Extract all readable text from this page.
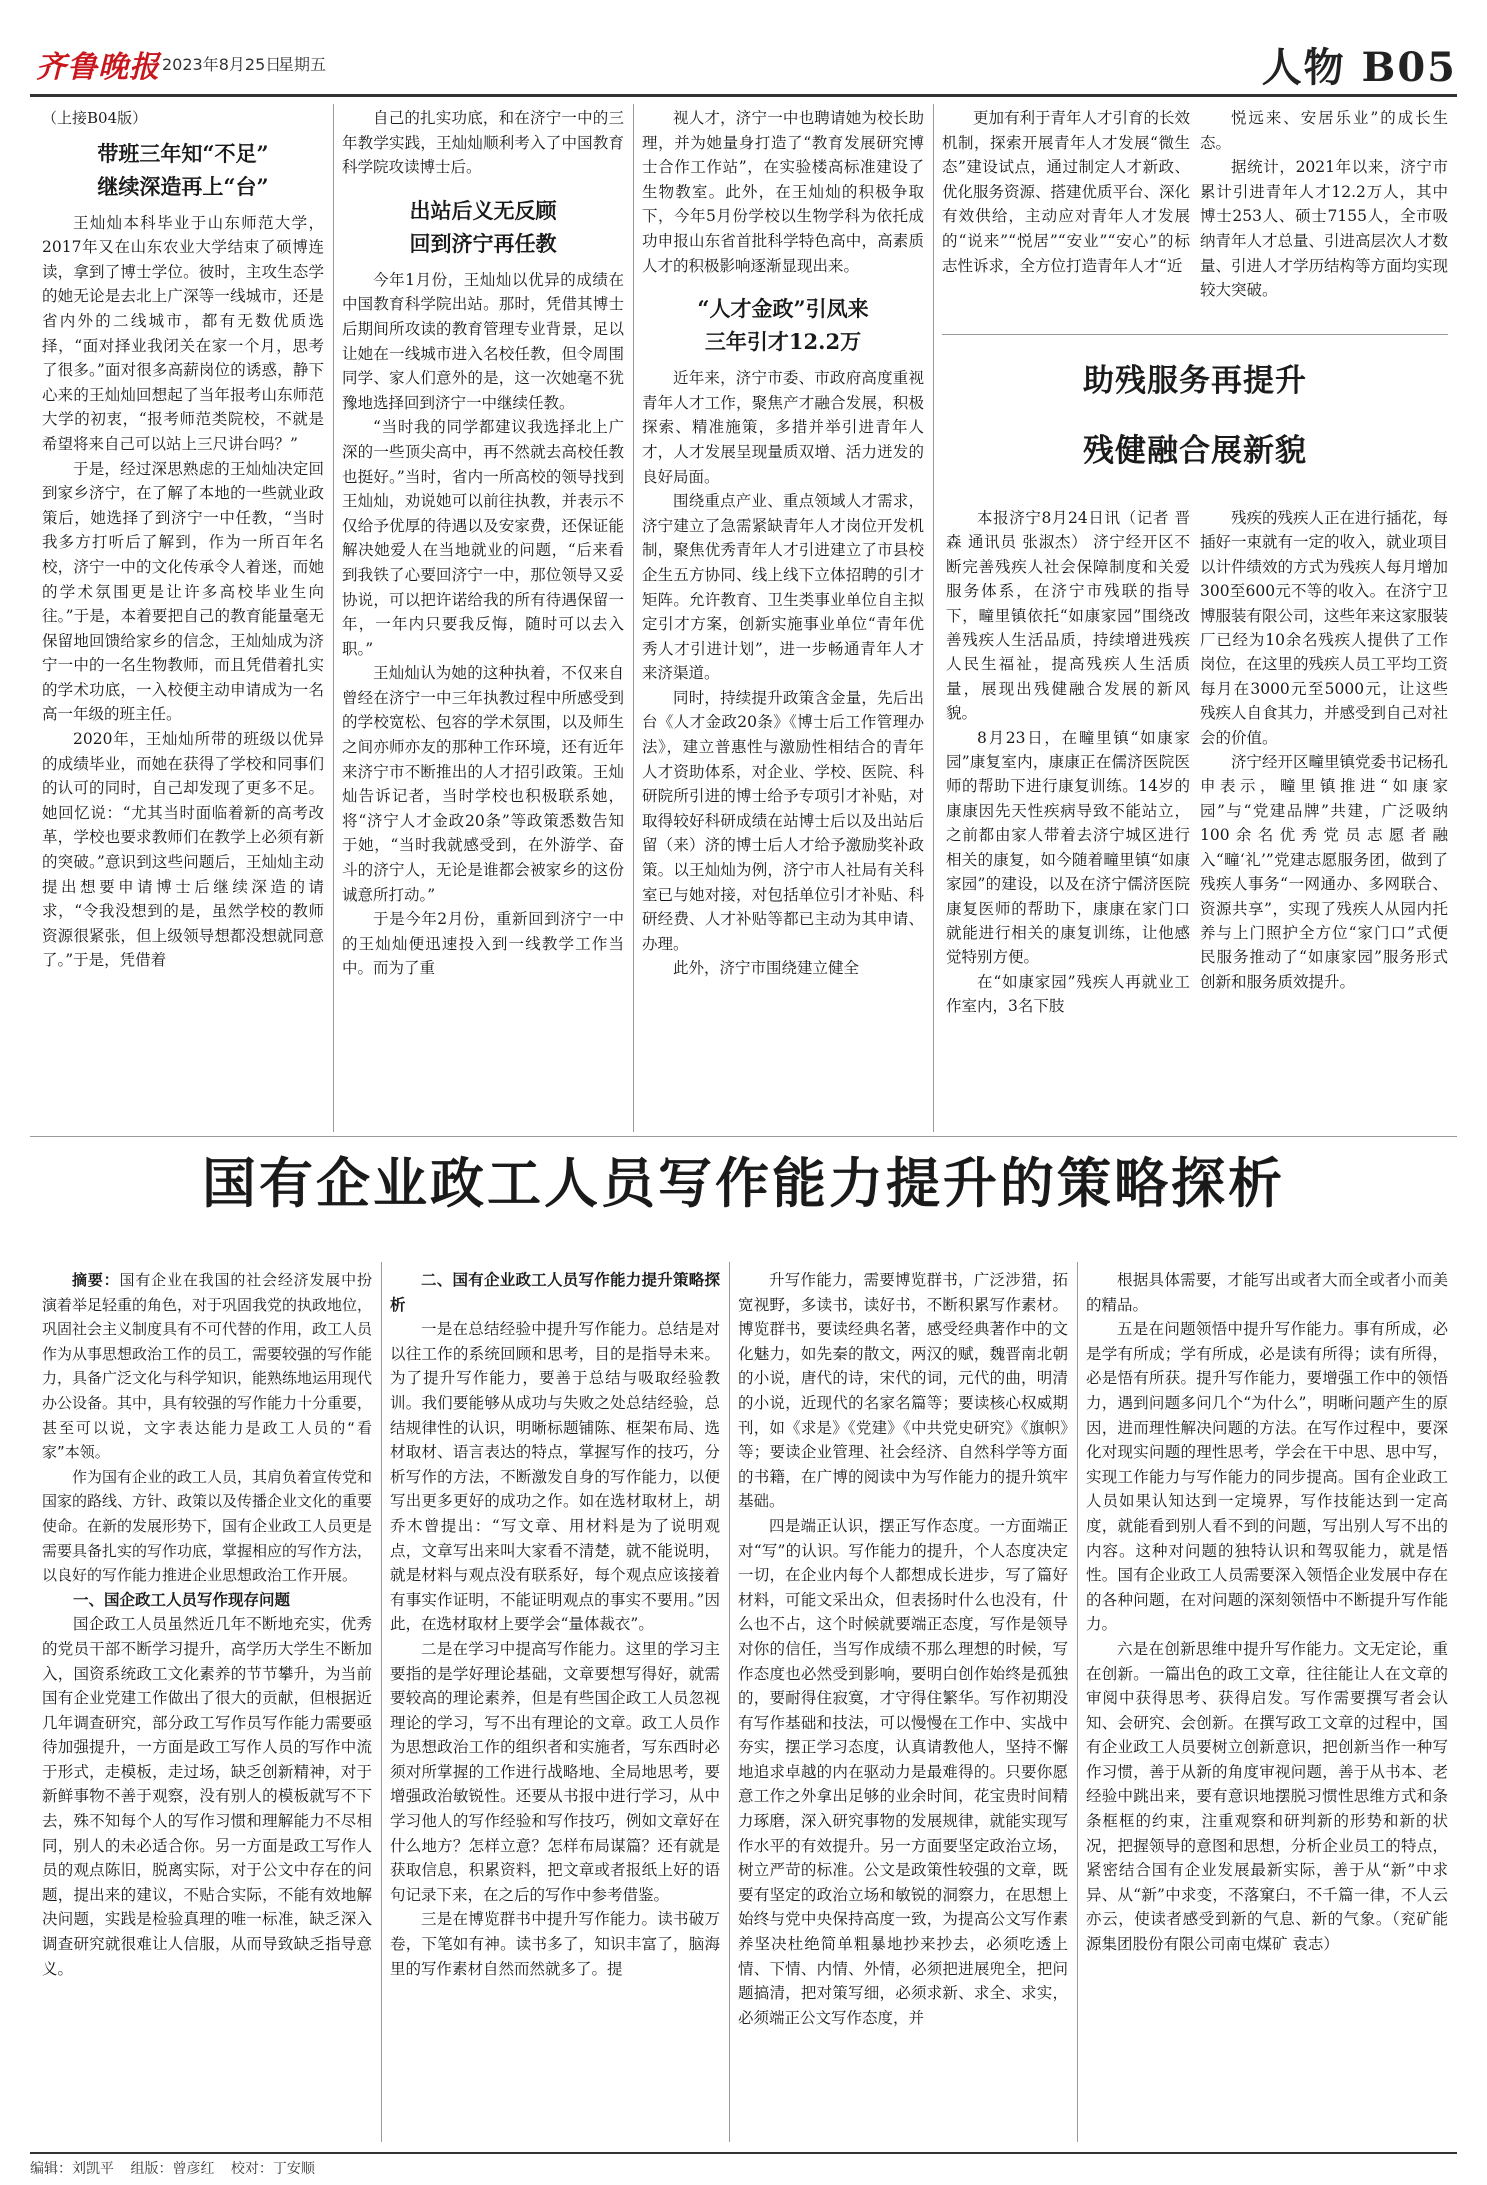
齐鲁晚报 2023年8月25日
星期五	人物 B05
（上接B04版）
带班三年知“不足”
继续深造再上“台”

王灿灿本科毕业于山东师范大学，2017年又在山东农业大学结束了硕博连读，拿到了博士学位。彼时，主攻生态学的她无论是去北上广深等一线城市，还是省内外的二线城市，都有无数优质选择，“面对择业我闭关在家一个月，思考了很多。”面对很多高薪岗位的诱惑，静下心来的王灿灿回想起了当年报考山东师范大学的初衷，“报考师范类院校，不就是希望将来自己可以站上三尺讲台吗？”

于是，经过深思熟虑的王灿灿决定回到家乡济宁，在了解了本地的一些就业政策后，她选择了到济宁一中任教，“当时我多方打听后了解到，作为一所百年名校，济宁一中的文化传承令人着迷，而她的学术氛围更是让许多高校毕业生向往。”于是，本着要把自己的教育能量毫无保留地回馈给家乡的信念，王灿灿成为济宁一中的一名生物教师，而且凭借着扎实的学术功底，一入校便主动申请成为一名高一年级的班主任。

2020年，王灿灿所带的班级以优异的成绩毕业，而她在获得了学校和同事们的认可的同时，自己却发现了更多不足。她回忆说：“尤其当时面临着新的高考改革，学校也要求教师们在教学上必须有新的突破。”意识到这些问题后，王灿灿主动提出想要申请博士后继续深造的请求，“令我没想到的是，虽然学校的教师资源很紧张，但上级领导想都没想就同意了。”于是，凭借着

自己的扎实功底，和在济宁一中的三年教学实践，王灿灿顺利考入了中国教育科学院攻读博士后。

出站后义无反顾
回到济宁再任教

今年1月份，王灿灿以优异的成绩在中国教育科学院出站。那时，凭借其博士后期间所攻读的教育管理专业背景，足以让她在一线城市进入名校任教，但令周围同学、家人们意外的是，这一次她毫不犹豫地选择回到济宁一中继续任教。

“当时我的同学都建议我选择北上广深的一些顶尖高中，再不然就去高校任教也挺好。”当时，省内一所高校的领导找到王灿灿，劝说她可以前往执教，并表示不仅给予优厚的待遇以及安家费，还保证能解决她爱人在当地就业的问题，“后来看到我铁了心要回济宁一中，那位领导又妥协说，可以把许诺给我的所有待遇保留一年，一年内只要我反悔，随时可以去入职。”

王灿灿认为她的这种执着，不仅来自曾经在济宁一中三年执教过程中所感受到的学校宽松、包容的学术氛围，以及师生之间亦师亦友的那种工作环境，还有近年来济宁市不断推出的人才招引政策。王灿灿告诉记者，当时学校也积极联系她，将“济宁人才金政20条”等政策悉数告知于她，“当时我就感受到，在外游学、奋斗的济宁人，无论是谁都会被家乡的这份诚意所打动。”

于是今年2月份，重新回到济宁一中的王灿灿便迅速投入到一线教学工作当中。而为了重

视人才，济宁一中也聘请她为校长助理，并为她量身打造了“教育发展研究博士合作工作站”，在实验楼高标准建设了生物教室。此外，在王灿灿的积极争取下，今年5月份学校以生物学科为依托成功申报山东省首批科学特色高中，高素质人才的积极影响逐渐显现出来。

“人才金政”引凤来
三年引才12.2万

近年来，济宁市委、市政府高度重视青年人才工作，聚焦产才融合发展，积极探索、精准施策，多措并举引进青年人才，人才发展呈现量质双增、活力迸发的良好局面。

围绕重点产业、重点领域人才需求，济宁建立了急需紧缺青年人才岗位开发机制，聚焦优秀青年人才引进建立了市县校企生五方协同、线上线下立体招聘的引才矩阵。允许教育、卫生类事业单位自主拟定引才方案，创新实施事业单位“青年优秀人才引进计划”，进一步畅通青年人才来济渠道。

同时，持续提升政策含金量，先后出台《人才金政20条》《博士后工作管理办法》，建立普惠性与激励性相结合的青年人才资助体系，对企业、学校、医院、科研院所引进的博士给予专项引才补贴，对取得较好科研成绩在站博士后以及出站后留（来）济的博士后人才给予激励奖补政策。以王灿灿为例，济宁市人社局有关科室已与她对接，对包括单位引才补贴、科研经费、人才补贴等都已主动为其申请、办理。

此外，济宁市围绕建立健全

更加有利于青年人才引育的长效机制，探索开展青年人才发展“微生态”建设试点，通过制定人才新政、优化服务资源、搭建优质平台、深化有效供给，主动应对青年人才发展的“说来”“悦居”“安业”“安心”的标志性诉求，全方位打造青年人才“近

悦远来、安居乐业”的成长生态。

据统计，2021年以来，济宁市累计引进青年人才12.2万人，其中博士253人、硕士7155人，全市吸纳青年人才总量、引进高层次人才数量、引进人才学历结构等方面均实现较大突破。

助残服务再提升
残健融合展新貌

本报济宁8月24日讯（记者 晋森 通讯员 张淑杰） 济宁经开区不断完善残疾人社会保障制度和关爱服务体系，在济宁市残联的指导下，疃里镇依托“如康家园”围绕改善残疾人生活品质，持续增进残疾人民生福祉，提高残疾人生活质量，展现出残健融合发展的新风貌。

8月23日，在疃里镇“如康家园”康复室内，康康正在儒济医院医师的帮助下进行康复训练。14岁的康康因先天性疾病导致不能站立，之前都由家人带着去济宁城区进行相关的康复，如今随着疃里镇“如康家园”的建设，以及在济宁儒济医院康复医师的帮助下，康康在家门口就能进行相关的康复训练，让他感觉特别方便。

在“如康家园”残疾人再就业工作室内，3名下肢

残疾的残疾人正在进行插花，每插好一束就有一定的收入，就业项目以计件绩效的方式为残疾人每月增加300至600元不等的收入。在济宁卫博服装有限公司，这些年来这家服装厂已经为10余名残疾人提供了工作岗位，在这里的残疾人员工平均工资每月在3000元至5000元，让这些残疾人自食其力，并感受到自己对社会的价值。

济宁经开区疃里镇党委书记杨孔申表示，疃里镇推进“如康家园”与“党建品牌”共建，广泛吸纳100余名优秀党员志愿者融入“疃‘礼’”党建志愿服务团，做到了残疾人事务“一网通办、多网联合、资源共享”，实现了残疾人从园内托养与上门照护全方位“家门口”式便民服务推动了“如康家园”服务形式创新和服务质效提升。

国有企业政工人员写作能力提升的策略探析

摘要：国有企业在我国的社会经济发展中扮演着举足轻重的角色，对于巩固我党的执政地位，巩固社会主义制度具有不可代替的作用，政工人员作为从事思想政治工作的员工，需要较强的写作能力，具备广泛文化与科学知识，能熟练地运用现代办公设备。其中，具有较强的写作能力十分重要，甚至可以说，文字表达能力是政工人员的“看家”本领。

作为国有企业的政工人员，其肩负着宣传党和国家的路线、方针、政策以及传播企业文化的重要使命。在新的发展形势下，国有企业政工人员更是需要具备扎实的写作功底，掌握相应的写作方法，以良好的写作能力推进企业思想政治工作开展。

一、国企政工人员写作现存问题

国企政工人员虽然近几年不断地充实，优秀的党员干部不断学习提升，高学历大学生不断加入，国资系统政工文化素养的节节攀升，为当前国有企业党建工作做出了很大的贡献，但根据近几年调查研究，部分政工写作员写作能力需要亟待加强提升，一方面是政工写作人员的写作中流于形式，走模板，走过场，缺乏创新精神，对于新鲜事物不善于观察，没有别人的模板就写不下去，殊不知每个人的写作习惯和理解能力不尽相同，别人的未必适合你。另一方面是政工写作人员的观点陈旧，脱离实际，对于公文中存在的问题，提出来的建议，不贴合实际，不能有效地解决问题，实践是检验真理的唯一标准，缺乏深入调查研究就很难让人信服，从而导致缺乏指导意义。

二、国有企业政工人员写作能力提升策略探析

一是在总结经验中提升写作能力。总结是对以往工作的系统回顾和思考，目的是指导未来。为了提升写作能力，要善于总结与吸取经验教训。我们要能够从成功与失败之处总结经验，总结规律性的认识，明晰标题铺陈、框架布局、选材取材、语言表达的特点，掌握写作的技巧，分析写作的方法，不断激发自身的写作能力，以便写出更多更好的成功之作。如在选材取材上，胡乔木曾提出：“写文章、用材料是为了说明观点，文章写出来叫大家看不清楚，就不能说明，就是材料与观点没有联系好，每个观点应该接着有事实作证明，不能证明观点的事实不要用。”因此，在选材取材上要学会“量体裁衣”。

二是在学习中提高写作能力。这里的学习主要指的是学好理论基础，文章要想写得好，就需要较高的理论素养，但是有些国企政工人员忽视理论的学习，写不出有理论的文章。政工人员作为思想政治工作的组织者和实施者，写东西时必须对所掌握的工作进行战略地、全局地思考，要增强政治敏锐性。还要从书报中进行学习，从中学习他人的写作经验和写作技巧，例如文章好在什么地方？怎样立意？怎样布局谋篇？还有就是获取信息，积累资料，把文章或者报纸上好的语句记录下来，在之后的写作中参考借鉴。

三是在博览群书中提升写作能力。读书破万卷，下笔如有神。读书多了，知识丰富了，脑海里的写作素材自然而然就多了。提

升写作能力，需要博览群书，广泛涉猎，拓宽视野，多读书，读好书，不断积累写作素材。博览群书，要读经典名著，感受经典著作中的文化魅力，如先秦的散文，两汉的赋，魏晋南北朝的小说，唐代的诗，宋代的词，元代的曲，明清的小说，近现代的名家名篇等；要读核心权威期刊，如《求是》《党建》《中共党史研究》《旗帜》等；要读企业管理、社会经济、自然科学等方面的书籍，在广博的阅读中为写作能力的提升筑牢基础。

四是端正认识，摆正写作态度。一方面端正对“写”的认识。写作能力的提升，个人态度决定一切，在企业内每个人都想成长进步，写了篇好材料，可能文采出众，但表扬时什么也没有，什么也不占，这个时候就要端正态度，写作是领导对你的信任，当写作成绩不那么理想的时候，写作态度也必然受到影响，要明白创作始终是孤独的，要耐得住寂寞，才守得住繁华。写作初期没有写作基础和技法，可以慢慢在工作中、实战中夯实，摆正学习态度，认真请教他人，坚持不懈地追求卓越的内在驱动力是最难得的。只要你愿意工作之外拿出足够的业余时间，花宝贵时间精力琢磨，深入研究事物的发展规律，就能实现写作水平的有效提升。另一方面要坚定政治立场，树立严苛的标准。公文是政策性较强的文章，既要有坚定的政治立场和敏锐的洞察力，在思想上始终与党中央保持高度一致，为提高公文写作素养坚决杜绝简单粗暴地抄来抄去，必须吃透上情、下情、内情、外情，必须把进展兜全，把问题搞清，把对策写细，必须求新、求全、求实，必须端正公文写作态度，并

根据具体需要，才能写出或者大而全或者小而美的精品。

五是在问题领悟中提升写作能力。事有所成，必是学有所成；学有所成，必是读有所得；读有所得，必是悟有所获。提升写作能力，要增强工作中的领悟力，遇到问题多问几个“为什么”，明晰问题产生的原因，进而理性解决问题的方法。在写作过程中，要深化对现实问题的理性思考，学会在干中思、思中写，实现工作能力与写作能力的同步提高。国有企业政工人员如果认知达到一定境界，写作技能达到一定高度，就能看到别人看不到的问题，写出别人写不出的内容。这种对问题的独特认识和驾驭能力，就是悟性。国有企业政工人员需要深入领悟企业发展中存在的各种问题，在对问题的深刻领悟中不断提升写作能力。

六是在创新思维中提升写作能力。文无定论，重在创新。一篇出色的政工文章，往往能让人在文章的审阅中获得思考、获得启发。写作需要撰写者会认知、会研究、会创新。在撰写政工文章的过程中，国有企业政工人员要树立创新意识，把创新当作一种写作习惯，善于从新的角度审视问题，善于从书本、老经验中跳出来，要有意识地摆脱习惯性思维方式和条条框框的约束，注重观察和研判新的形势和新的状况，把握领导的意图和思想，分析企业员工的特点，紧密结合国有企业发展最新实际，善于从“新”中求异、从“新”中求变，不落窠臼，不千篇一律，不人云亦云，使读者感受到新的气息、新的气象。（兖矿能源集团股份有限公司南屯煤矿 袁志）

编辑：刘凯平 组版：曾彦红 校对：丁安顺
